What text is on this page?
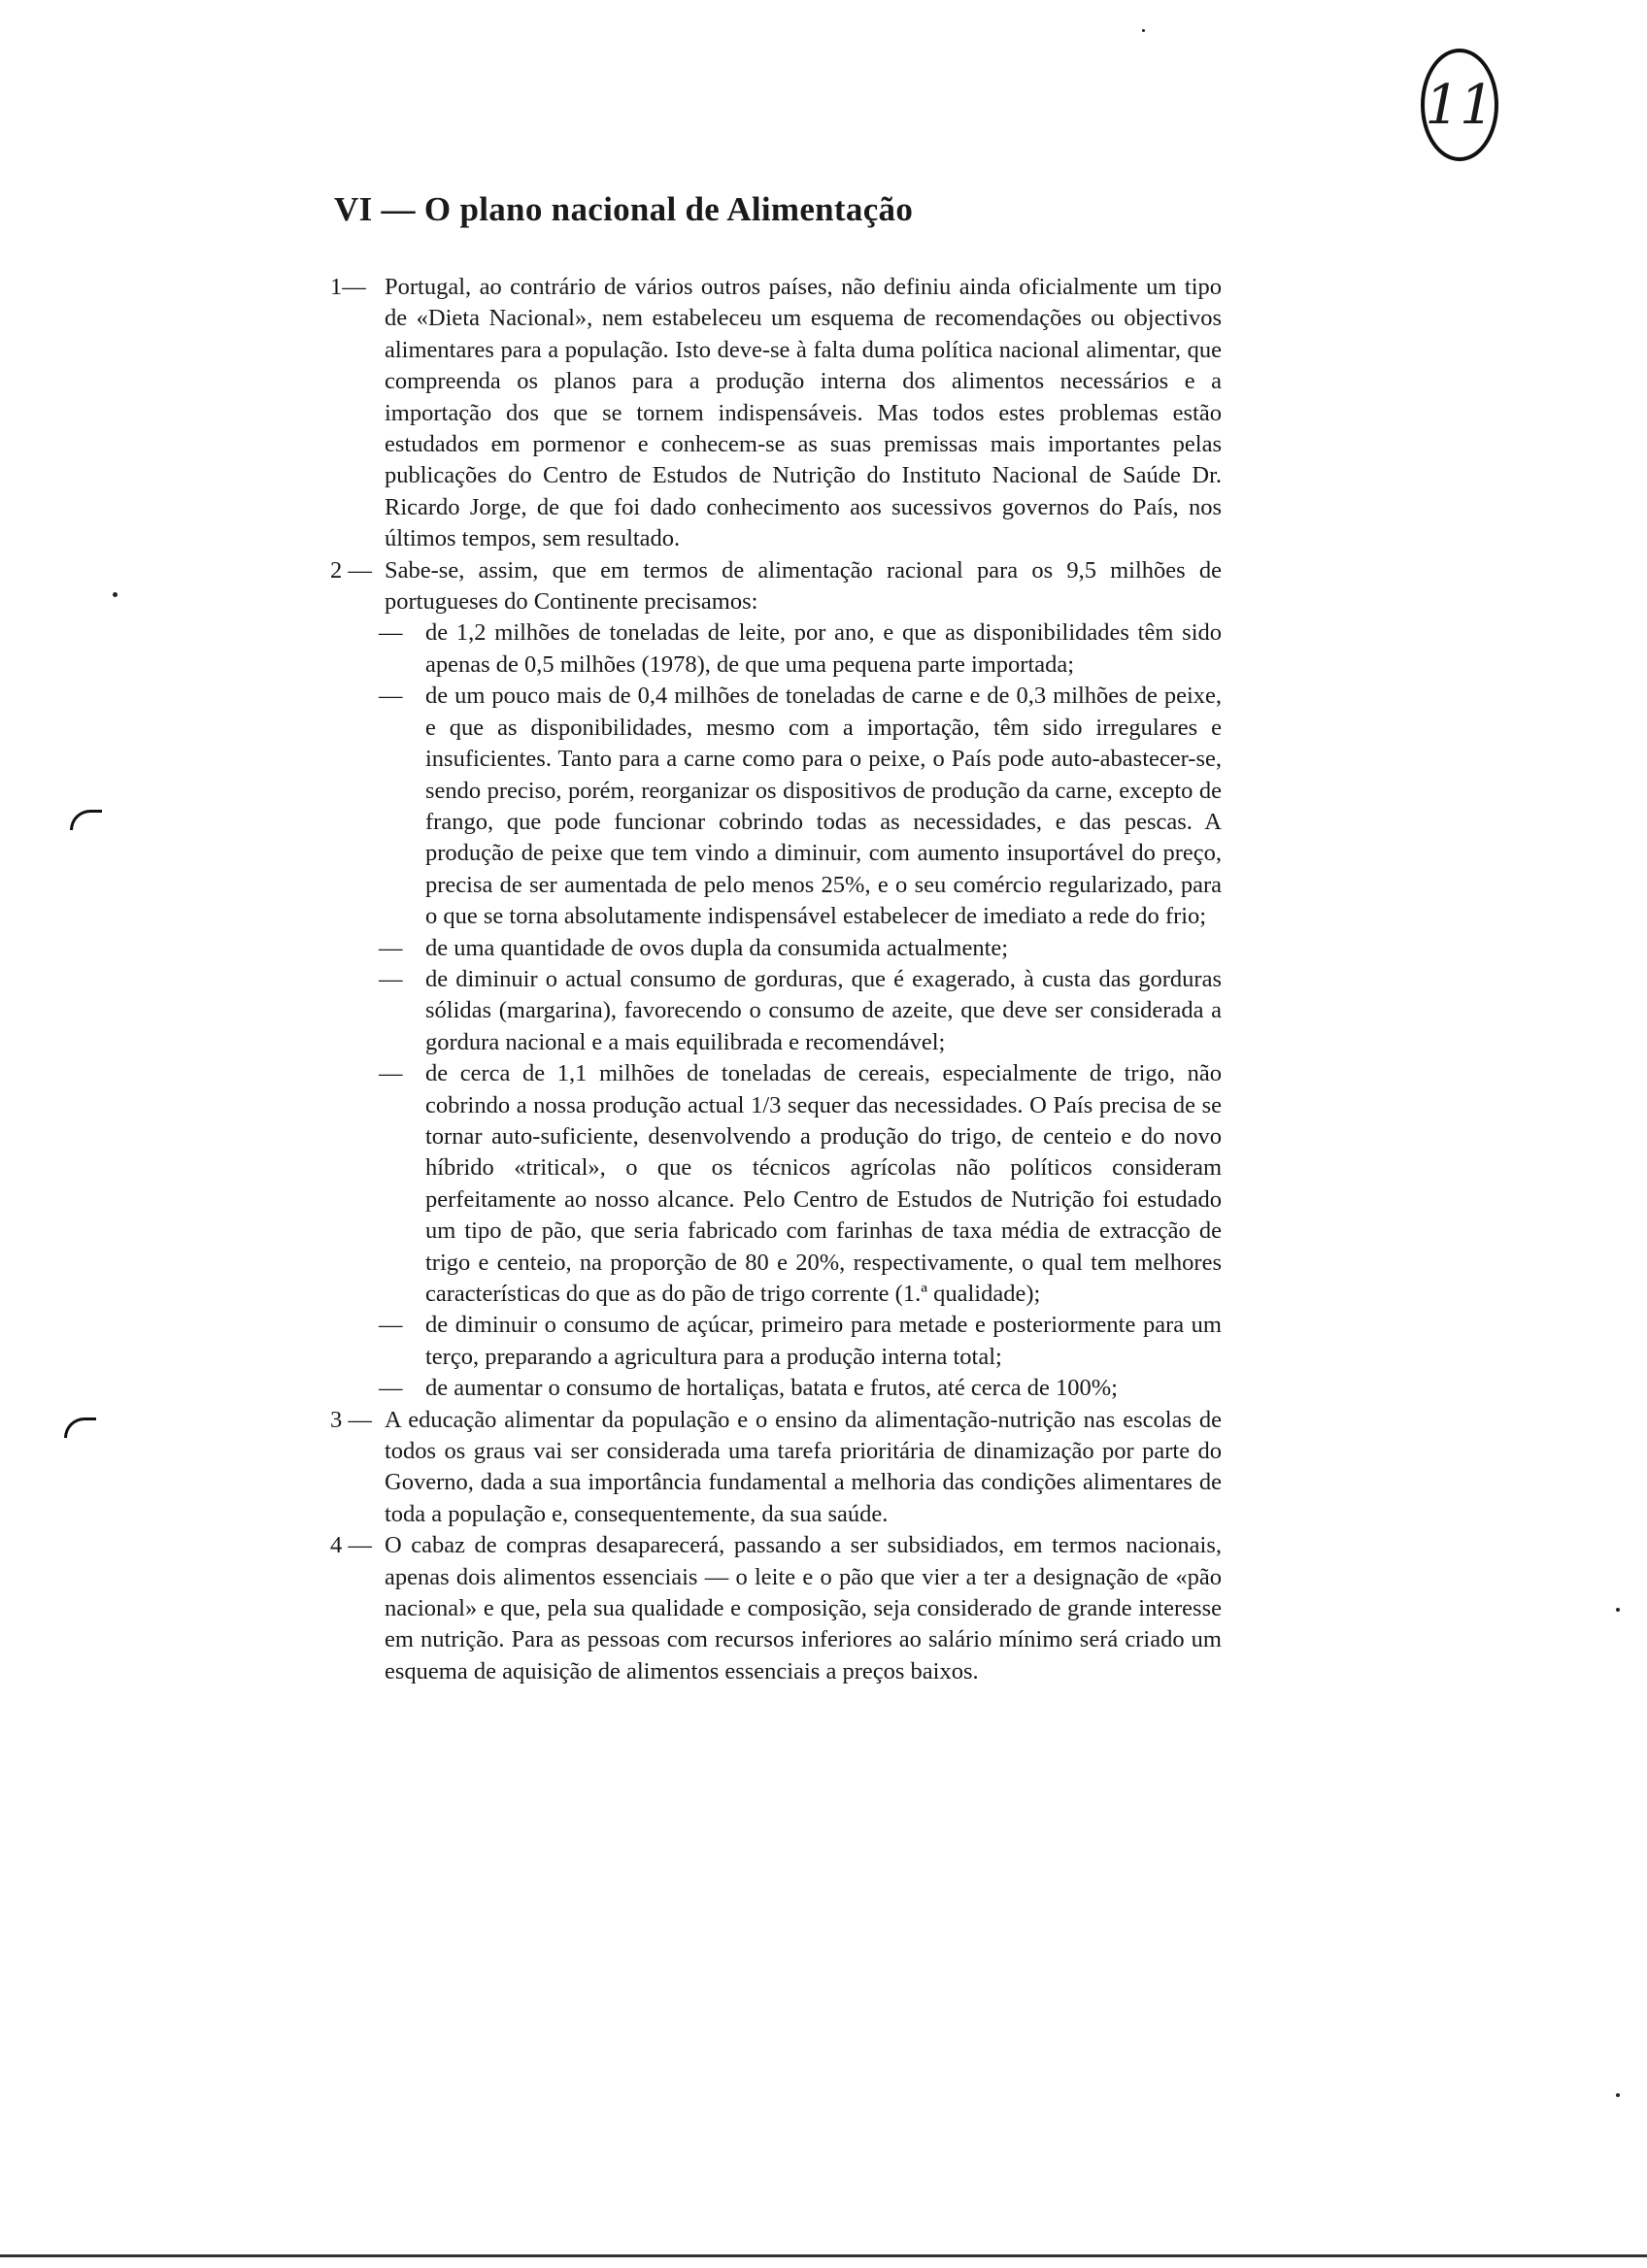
11
VI — O plano nacional de Alimentação
1— Portugal, ao contrário de vários outros países, não definiu ainda oficialmente um tipo de «Dieta Nacional», nem estabeleceu um esquema de recomendações ou objectivos alimentares para a população. Isto deve-se à falta duma política nacional alimentar, que compreenda os planos para a produção interna dos alimentos necessários e a importação dos que se tornem indispensáveis. Mas todos estes problemas estão estudados em pormenor e conhecem-se as suas premissas mais importantes pelas publicações do Centro de Estudos de Nutrição do Instituto Nacional de Saúde Dr. Ricardo Jorge, de que foi dado conhecimento aos sucessivos governos do País, nos últimos tempos, sem resultado.

2 — Sabe-se, assim, que em termos de alimentação racional para os 9,5 milhões de portugueses do Continente precisamos:

— de 1,2 milhões de toneladas de leite, por ano, e que as disponibilidades têm sido apenas de 0,5 milhões (1978), de que uma pequena parte importada;

— de um pouco mais de 0,4 milhões de toneladas de carne e de 0,3 milhões de peixe, e que as disponibilidades, mesmo com a importação, têm sido irregulares e insuficientes. Tanto para a carne como para o peixe, o País pode auto-abastecer-se, sendo preciso, porém, reorganizar os dispositivos de produção da carne, excepto de frango, que pode funcionar cobrindo todas as necessidades, e das pescas. A produção de peixe que tem vindo a diminuir, com aumento insuportável do preço, precisa de ser aumentada de pelo menos 25%, e o seu comércio regularizado, para o que se torna absolutamente indispensável estabelecer de imediato a rede do frio;

— de uma quantidade de ovos dupla da consumida actualmente;

— de diminuir o actual consumo de gorduras, que é exagerado, à custa das gorduras sólidas (margarina), favorecendo o consumo de azeite, que deve ser considerada a gordura nacional e a mais equilibrada e recomendável;

— de cerca de 1,1 milhões de toneladas de cereais, especialmente de trigo, não cobrindo a nossa produção actual 1/3 sequer das necessidades. O País precisa de se tornar auto-suficiente, desenvolvendo a produção do trigo, de centeio e do novo híbrido «tritical», o que os técnicos agrícolas não políticos consideram perfeitamente ao nosso alcance. Pelo Centro de Estudos de Nutrição foi estudado um tipo de pão, que seria fabricado com farinhas de taxa média de extracção de trigo e centeio, na proporção de 80 e 20%, respectivamente, o qual tem melhores características do que as do pão de trigo corrente (1.ª qualidade);

— de diminuir o consumo de açúcar, primeiro para metade e posteriormente para um terço, preparando a agricultura para a produção interna total;

— de aumentar o consumo de hortaliças, batata e frutos, até cerca de 100%;

3 — A educação alimentar da população e o ensino da alimentação-nutrição nas escolas de todos os graus vai ser considerada uma tarefa prioritária de dinamização por parte do Governo, dada a sua importância fundamental a melhoria das condições alimentares de toda a população e, consequentemente, da sua saúde.

4 — O cabaz de compras desaparecerá, passando a ser subsidiados, em termos nacionais, apenas dois alimentos essenciais — o leite e o pão que vier a ter a designação de «pão nacional» e que, pela sua qualidade e composição, seja considerado de grande interesse em nutrição. Para as pessoas com recursos inferiores ao salário mínimo será criado um esquema de aquisição de alimentos essenciais a preços baixos.
